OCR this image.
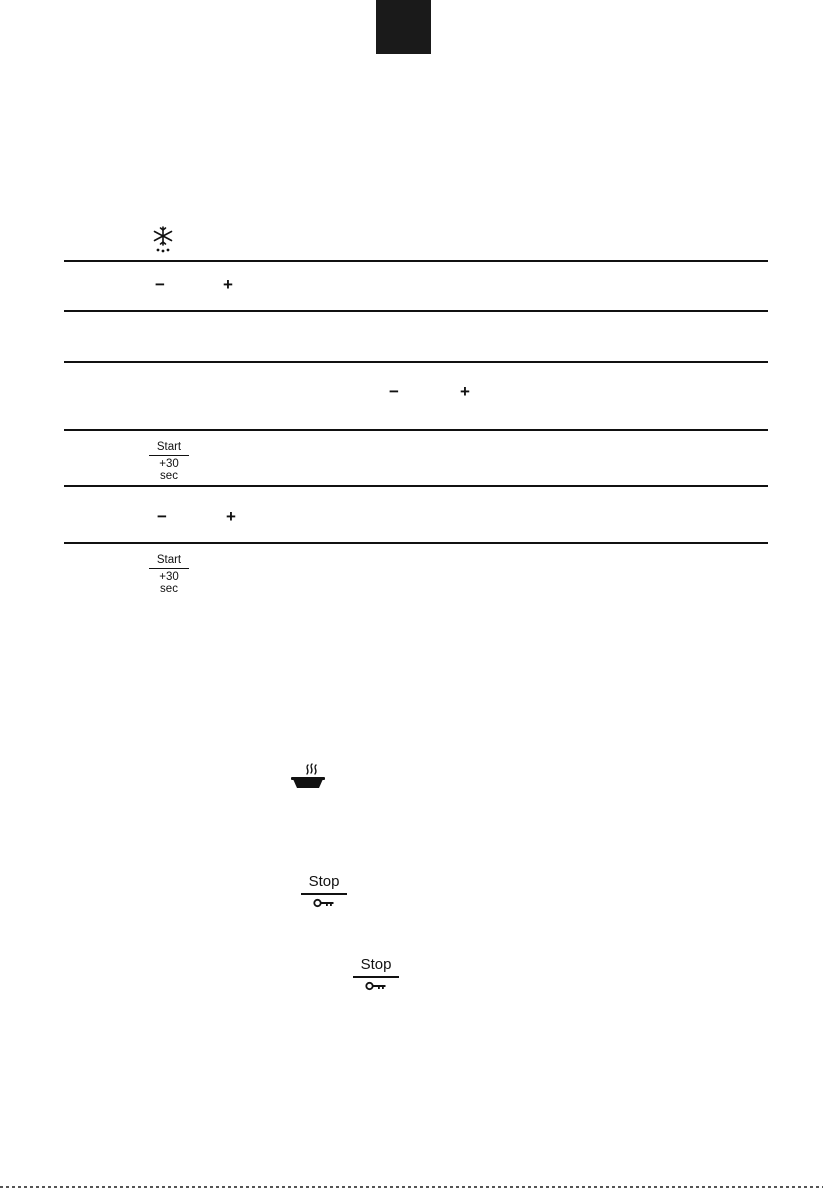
−	+
−	+
Start
+30 sec
−	+
Start
+30 sec
Stop
Stop
